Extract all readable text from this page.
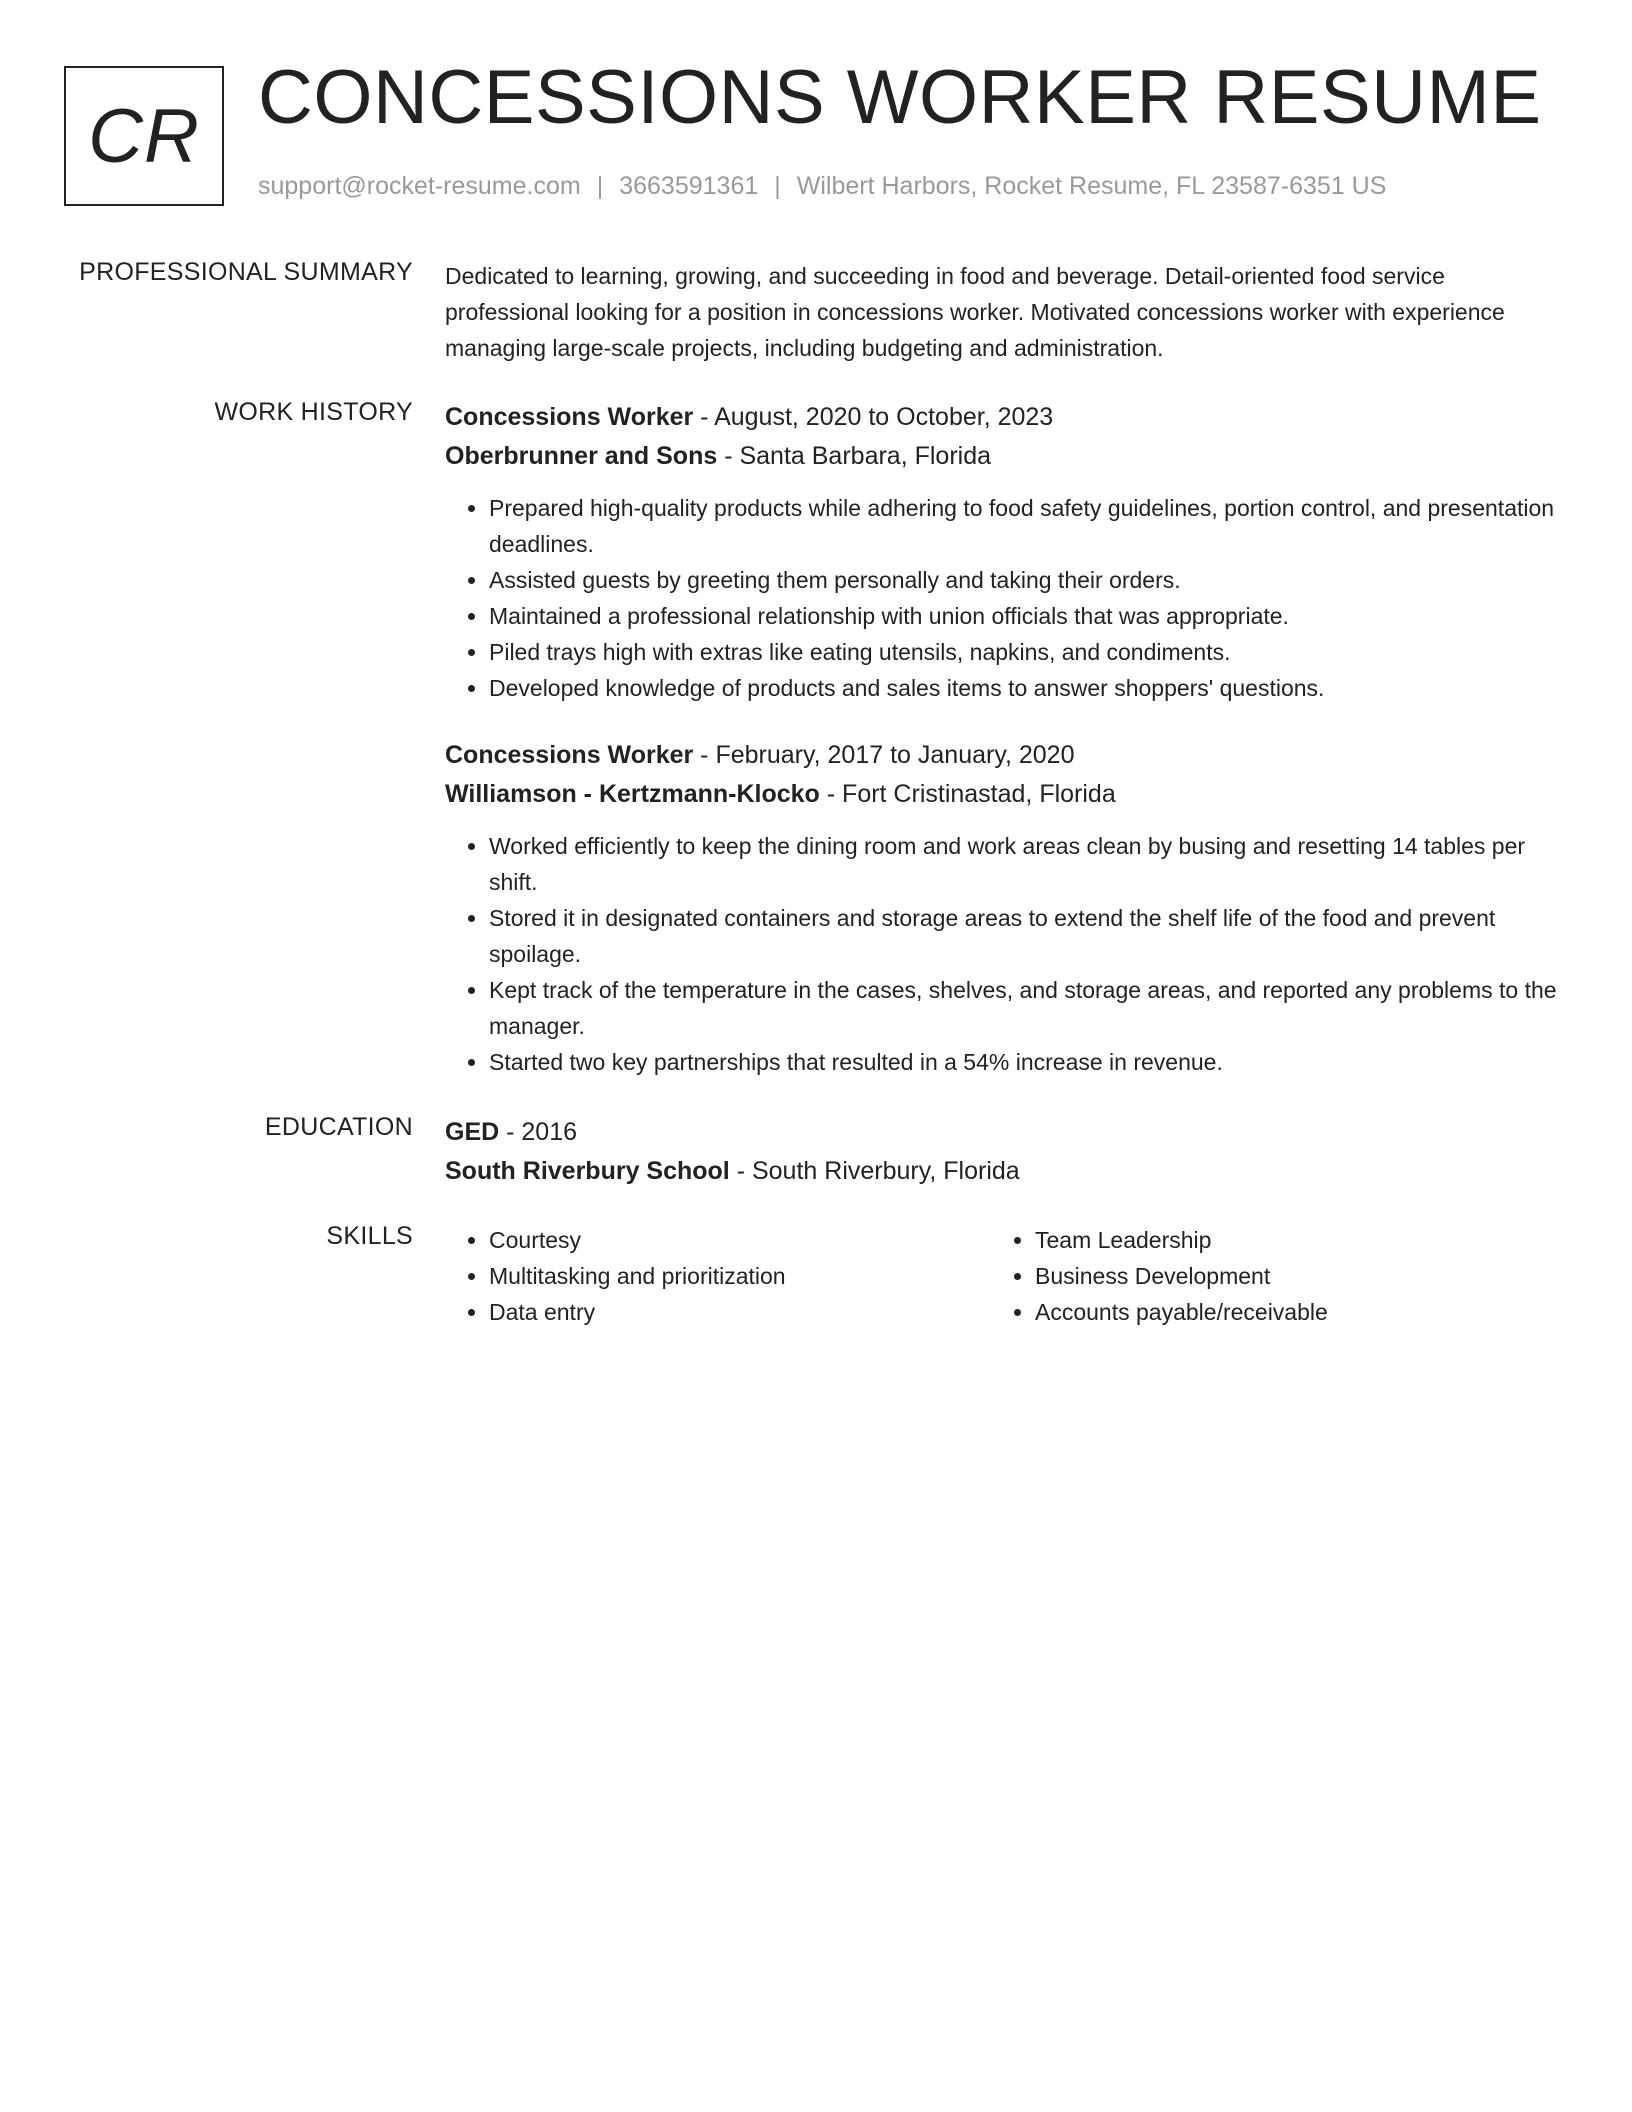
CR CONCESSIONS WORKER RESUME
support@rocket-resume.com | 3663591361 | Wilbert Harbors, Rocket Resume, FL 23587-6351 US
PROFESSIONAL SUMMARY Dedicated to learning, growing, and succeeding in food and beverage. Detail-oriented food service professional looking for a position in concessions worker. Motivated concessions worker with experience managing large-scale projects, including budgeting and administration.
WORK HISTORY Concessions Worker - August, 2020 to October, 2023
Oberbrunner and Sons - Santa Barbara, Florida
• Prepared high-quality products while adhering to food safety guidelines, portion control, and presentation deadlines.
• Assisted guests by greeting them personally and taking their orders.
• Maintained a professional relationship with union officials that was appropriate.
• Piled trays high with extras like eating utensils, napkins, and condiments.
• Developed knowledge of products and sales items to answer shoppers' questions.
Concessions Worker - February, 2017 to January, 2020
Williamson - Kertzmann-Klocko - Fort Cristinastad, Florida
• Worked efficiently to keep the dining room and work areas clean by busing and resetting 14 tables per shift.
• Stored it in designated containers and storage areas to extend the shelf life of the food and prevent spoilage.
• Kept track of the temperature in the cases, shelves, and storage areas, and reported any problems to the manager.
• Started two key partnerships that resulted in a 54% increase in revenue.
EDUCATION GED - 2016
South Riverbury School - South Riverbury, Florida
SKILLS
•	Courtesy
• Multitasking and prioritization
• Data entry
• Team Leadership
• Business Development
• Accounts payable/receivable
